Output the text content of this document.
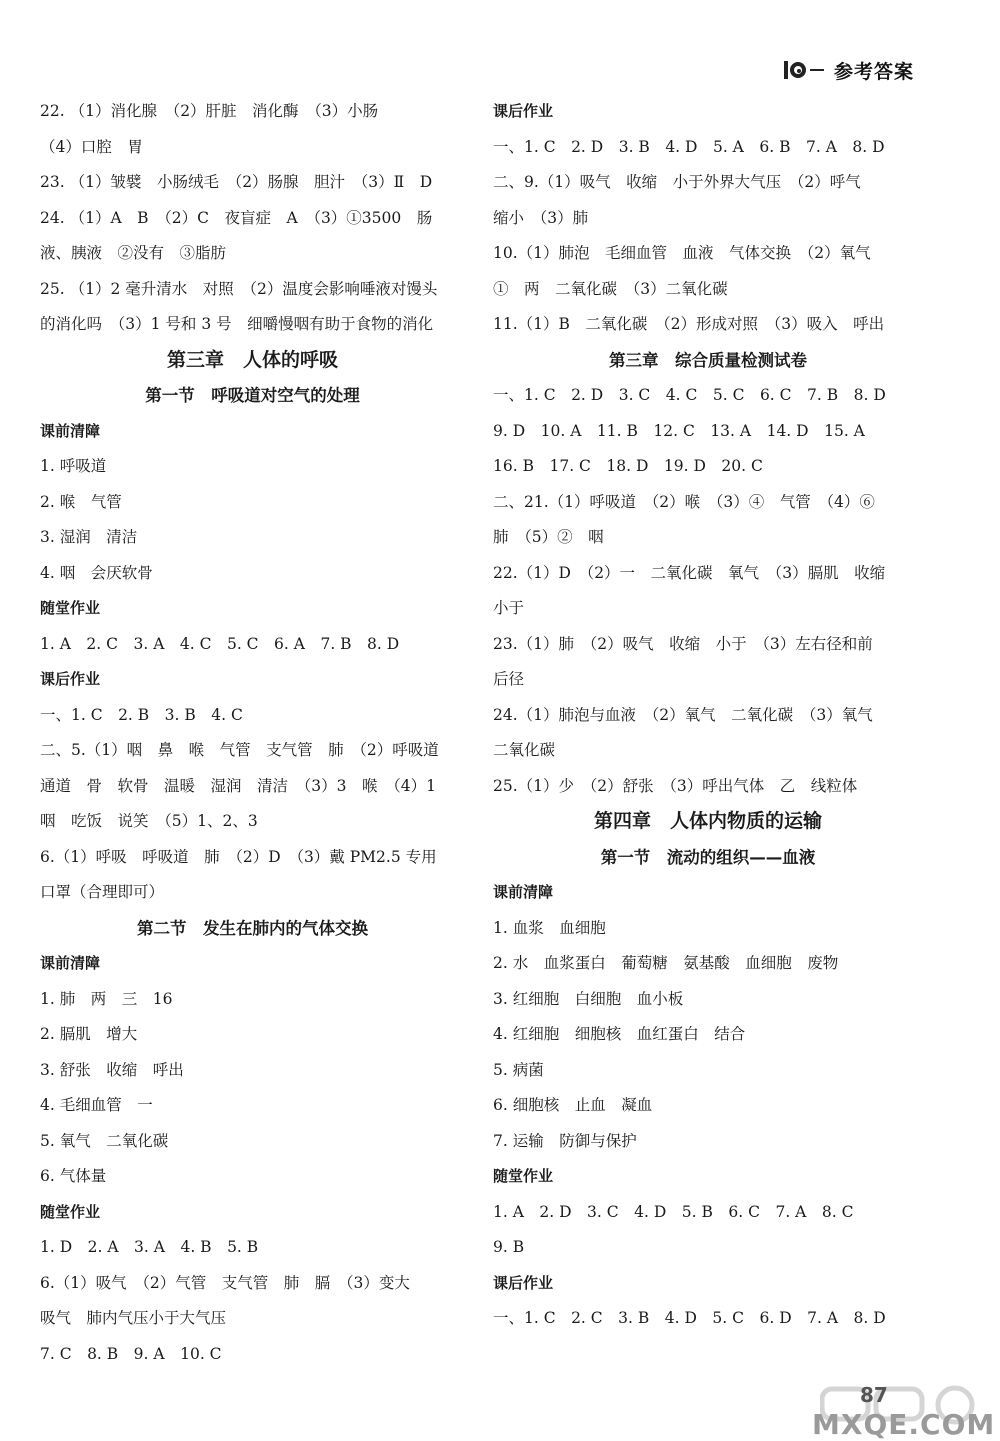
参考答案
22. （1）消化腺　（2）肝脏　消化酶　（3）小肠
（4）口腔　胃
23. （1）皱襞　小肠绒毛　（2）肠腺　胆汁　（3）Ⅱ　D
24. （1）A　B　（2）C　夜盲症　A　（3）①3500　肠
液、胰液　②没有　③脂肪
25. （1）2 毫升清水　对照　（2）温度会影响唾液对馒头
的消化吗　（3）1 号和 3 号　细嚼慢咽有助于食物的消化
第三章　人体的呼吸
第一节　呼吸道对空气的处理
课前清障
1. 呼吸道
2. 喉　气管
3. 湿润　清洁
4. 咽　会厌软骨
随堂作业
1. A　2. C　3. A　4. C　5. C　6. A　7. B　8. D
课后作业
一、1. C　2. B　3. B　4. C
二、5.（1）咽　鼻　喉　气管　支气管　肺　（2）呼吸道
通道　骨　软骨　温暖　湿润　清洁　（3）3　喉　（4）1
咽　吃饭　说笑　（5）1、2、3
6.（1）呼吸　呼吸道　肺　（2）D　（3）戴 PM2.5 专用
口罩（合理即可）
第二节　发生在肺内的气体交换
课前清障
1. 肺　两　三　16
2. 膈肌　增大
3. 舒张　收缩　呼出
4. 毛细血管　一
5. 氧气　二氧化碳
6. 气体量
随堂作业
1. D　2. A　3. A　4. B　5. B
6.（1）吸气　（2）气管　支气管　肺　膈　（3）变大
吸气　肺内气压小于大气压
7. C　8. B　9. A　10. C
课后作业
一、1. C　2. D　3. B　4. D　5. A　6. B　7. A　8. D
二、9.（1）吸气　收缩　小于外界大气压　（2）呼气
缩小　（3）肺
10.（1）肺泡　毛细血管　血液　气体交换　（2）氧气
①　两　二氧化碳　（3）二氧化碳
11.（1）B　二氧化碳　（2）形成对照　（3）吸入　呼出
第三章　综合质量检测试卷
一、1. C　2. D　3. C　4. C　5. C　6. C　7. B　8. D
9. D　10. A　11. B　12. C　13. A　14. D　15. A
16. B　17. C　18. D　19. D　20. C
二、21.（1）呼吸道　（2）喉　（3）④　气管　（4）⑥
肺　（5）②　咽
22.（1）D　（2）一　二氧化碳　氧气　（3）膈肌　收缩
小于
23.（1）肺　（2）吸气　收缩　小于　（3）左右径和前
后径
24.（1）肺泡与血液　（2）氧气　二氧化碳　（3）氧气
二氧化碳
25.（1）少　（2）舒张　（3）呼出气体　乙　线粒体
第四章　人体内物质的运输
第一节　流动的组织——血液
课前清障
1. 血浆　血细胞
2. 水　血浆蛋白　葡萄糖　氨基酸　血细胞　废物
3. 红细胞　白细胞　血小板
4. 红细胞　细胞核　血红蛋白　结合
5. 病菌
6. 细胞核　止血　凝血
7. 运输　防御与保护
随堂作业
1. A　2. D　3. C　4. D　5. B　6. C　7. A　8. C
9. B
课后作业
一、1. C　2. C　3. B　4. D　5. C　6. D　7. A　8. D
87
MXQE.COM
